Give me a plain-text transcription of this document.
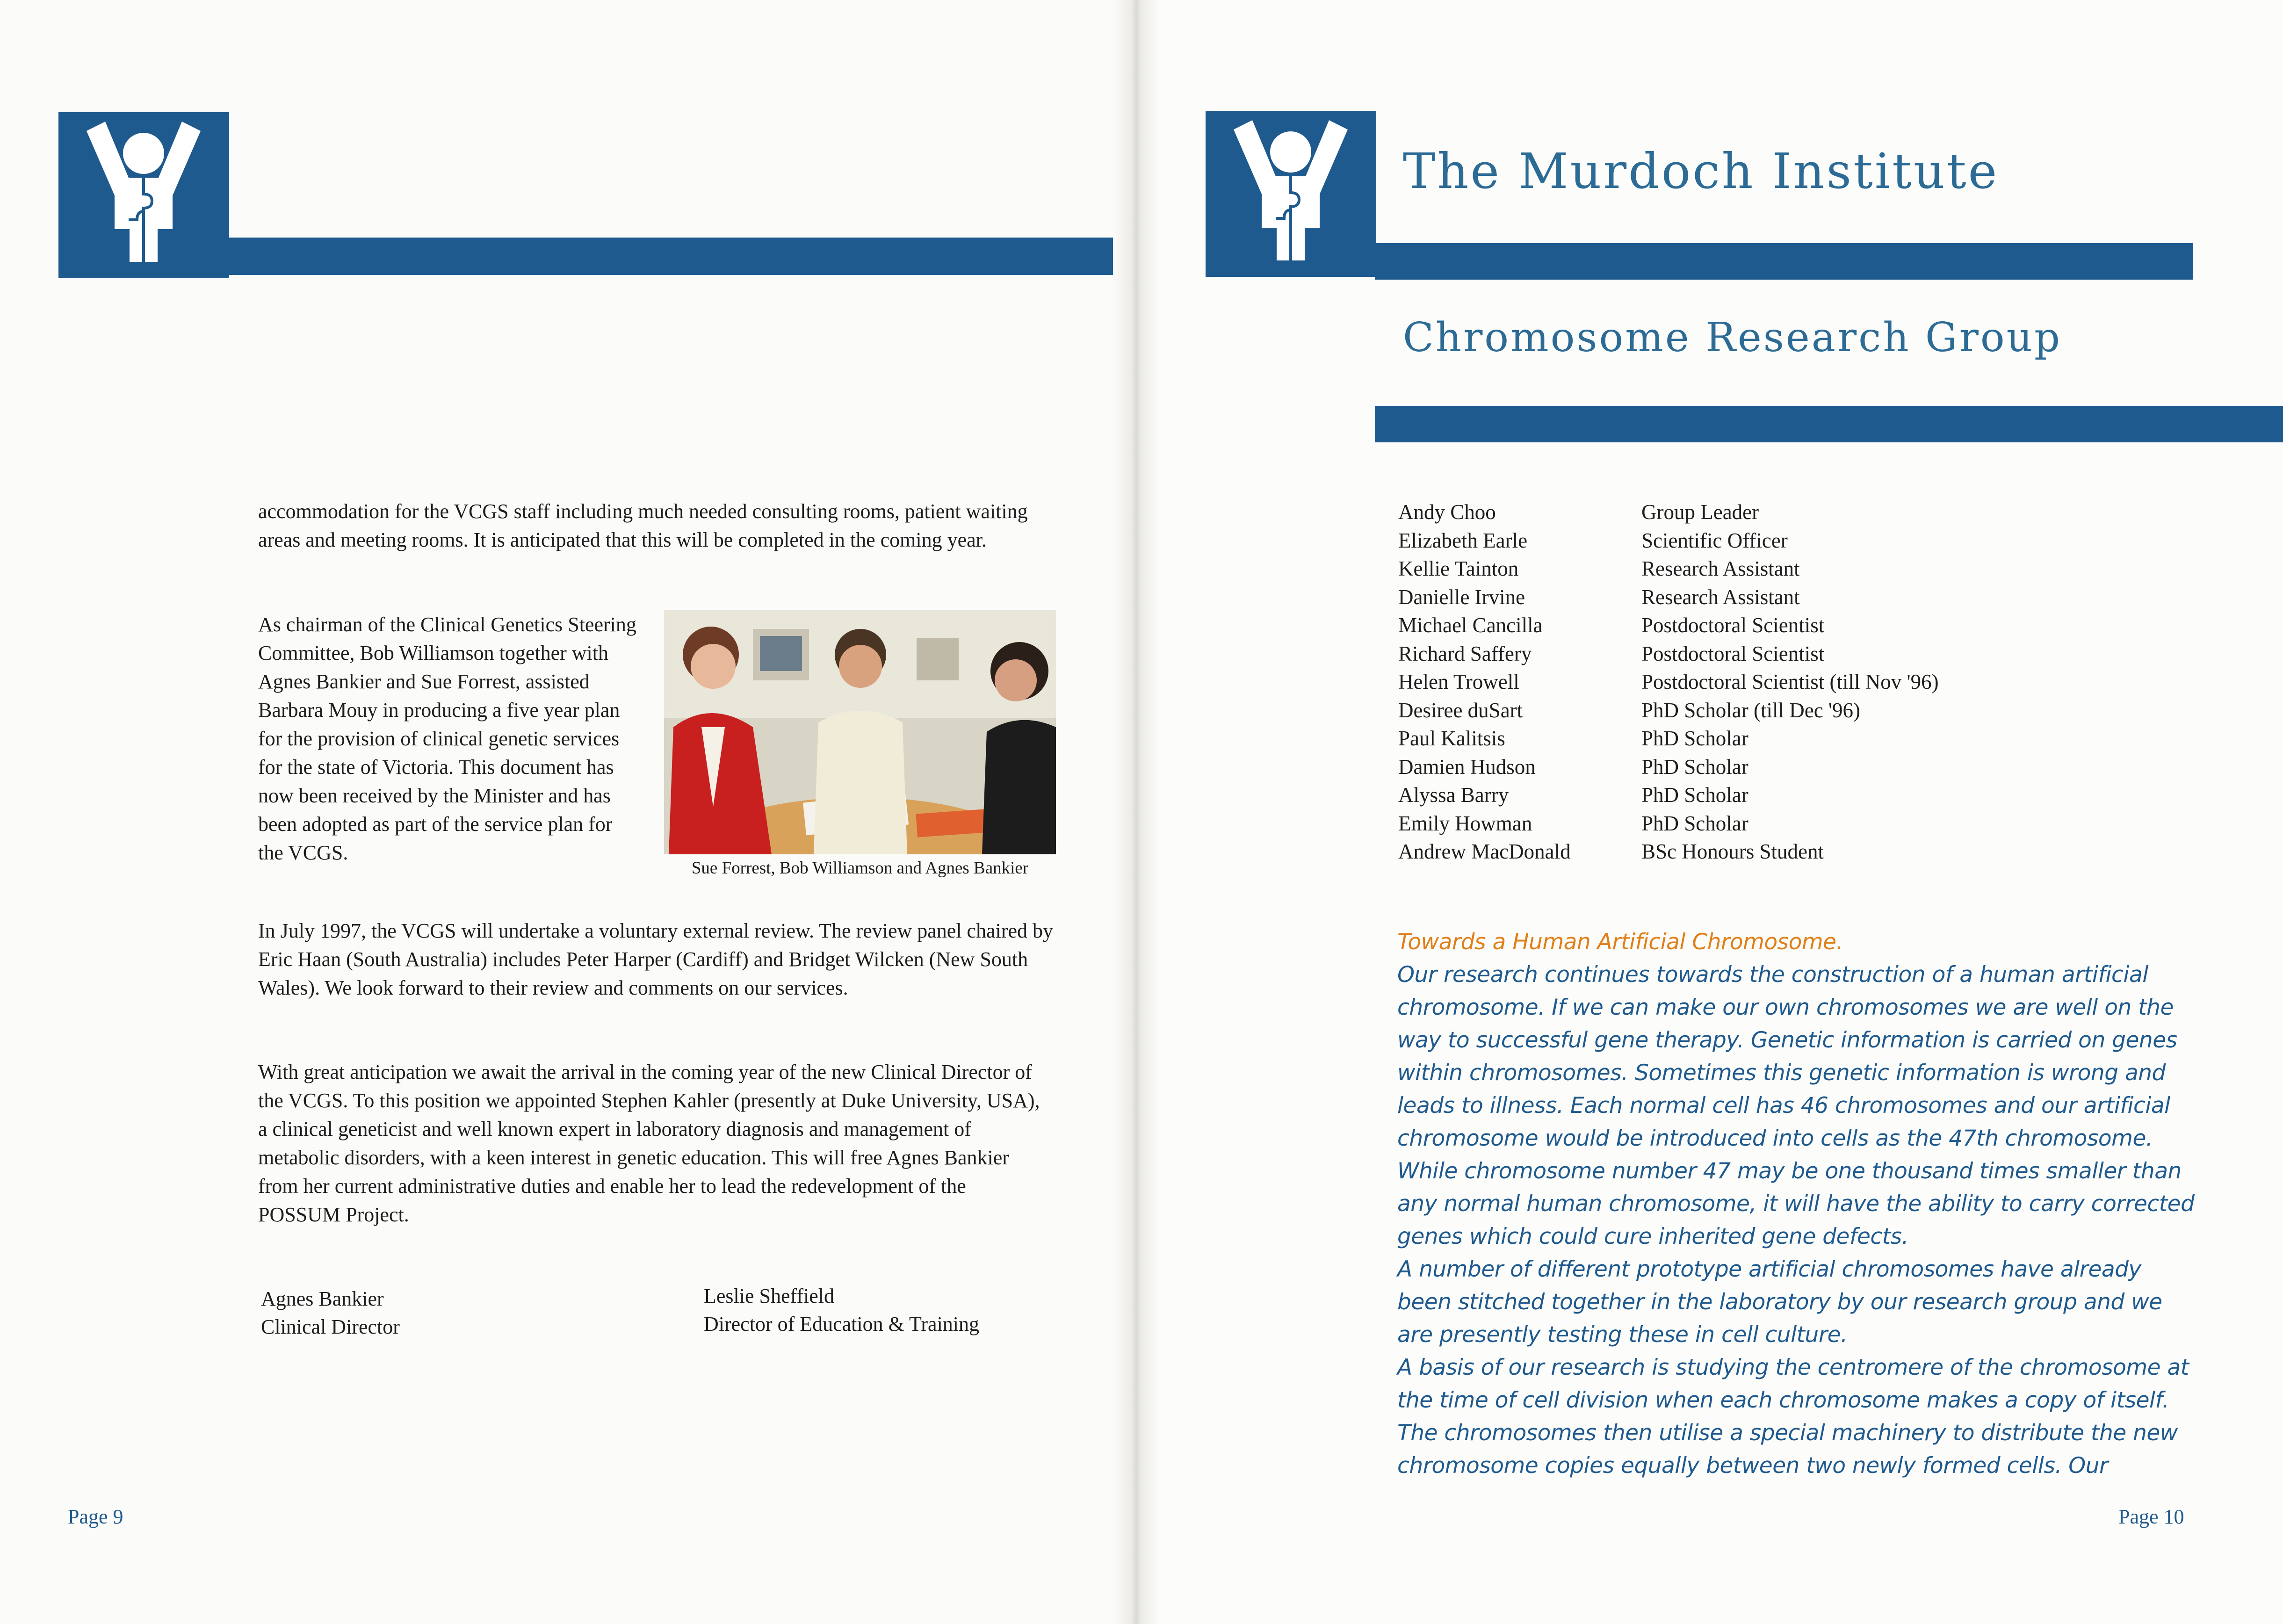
accommodation for the VCGS staff including much needed consulting rooms, patient waiting areas and meeting rooms. It is anticipated that this will be completed in the coming year.

As chairman of the Clinical Genetics Steering Committee, Bob Williamson together with Agnes Bankier and Sue Forrest, assisted Barbara Mouy in producing a five year plan for the provision of clinical genetic services for the state of Victoria. This document has now been received by the Minister and has been adopted as part of the service plan for the VCGS.

Sue Forrest, Bob Williamson and Agnes Bankier

In July 1997, the VCGS will undertake a voluntary external review. The review panel chaired by Eric Haan (South Australia) includes Peter Harper (Cardiff) and Bridget Wilcken (New South Wales). We look forward to their review and comments on our services.

With great anticipation we await the arrival in the coming year of the new Clinical Director of the VCGS. To this position we appointed Stephen Kahler (presently at Duke University, USA), a clinical geneticist and well known expert in laboratory diagnosis and management of metabolic disorders, with a keen interest in genetic education. This will free Agnes Bankier from her current administrative duties and enable her to lead the redevelopment of the POSSUM Project.

Agnes Bankier
Clinical Director
Leslie Sheffield
Director of Education & Training
Page 9
The Murdoch Institute
Chromosome Research Group
Andy Choo	Group Leader
Elizabeth Earle	Scientific Officer
Kellie Tainton	Research Assistant
Danielle Irvine	Research Assistant
Michael Cancilla	Postdoctoral Scientist
Richard Saffery	Postdoctoral Scientist
Helen Trowell	Postdoctoral Scientist (till Nov '96)
Desiree duSart	PhD Scholar (till Dec '96)
Paul Kalitsis	PhD Scholar
Damien Hudson	PhD Scholar
Alyssa Barry	PhD Scholar
Emily Howman	PhD Scholar
Andrew MacDonald	BSc Honours Student
Page 10

Towards a Human Artificial Chromosome.

Our research continues towards the construction of a human artificial chromosome. If we can make our own chromosomes we are well on the way to successful gene therapy. Genetic information is carried on genes within chromosomes. Sometimes this genetic information is wrong and leads to illness. Each normal cell has 46 chromosomes and our artificial chromosome would be introduced into cells as the 47th chromosome. While chromosome number 47 may be one thousand times smaller than any normal human chromosome, it will have the ability to carry corrected genes which could cure inherited gene defects.

A number of different prototype artificial chromosomes have already been stitched together in the laboratory by our research group and we are presently testing these in cell culture.

A basis of our research is studying the centromere of the chromosome at the time of cell division when each chromosome makes a copy of itself. The chromosomes then utilise a special machinery to distribute the new chromosome copies equally between two newly formed cells. Our
